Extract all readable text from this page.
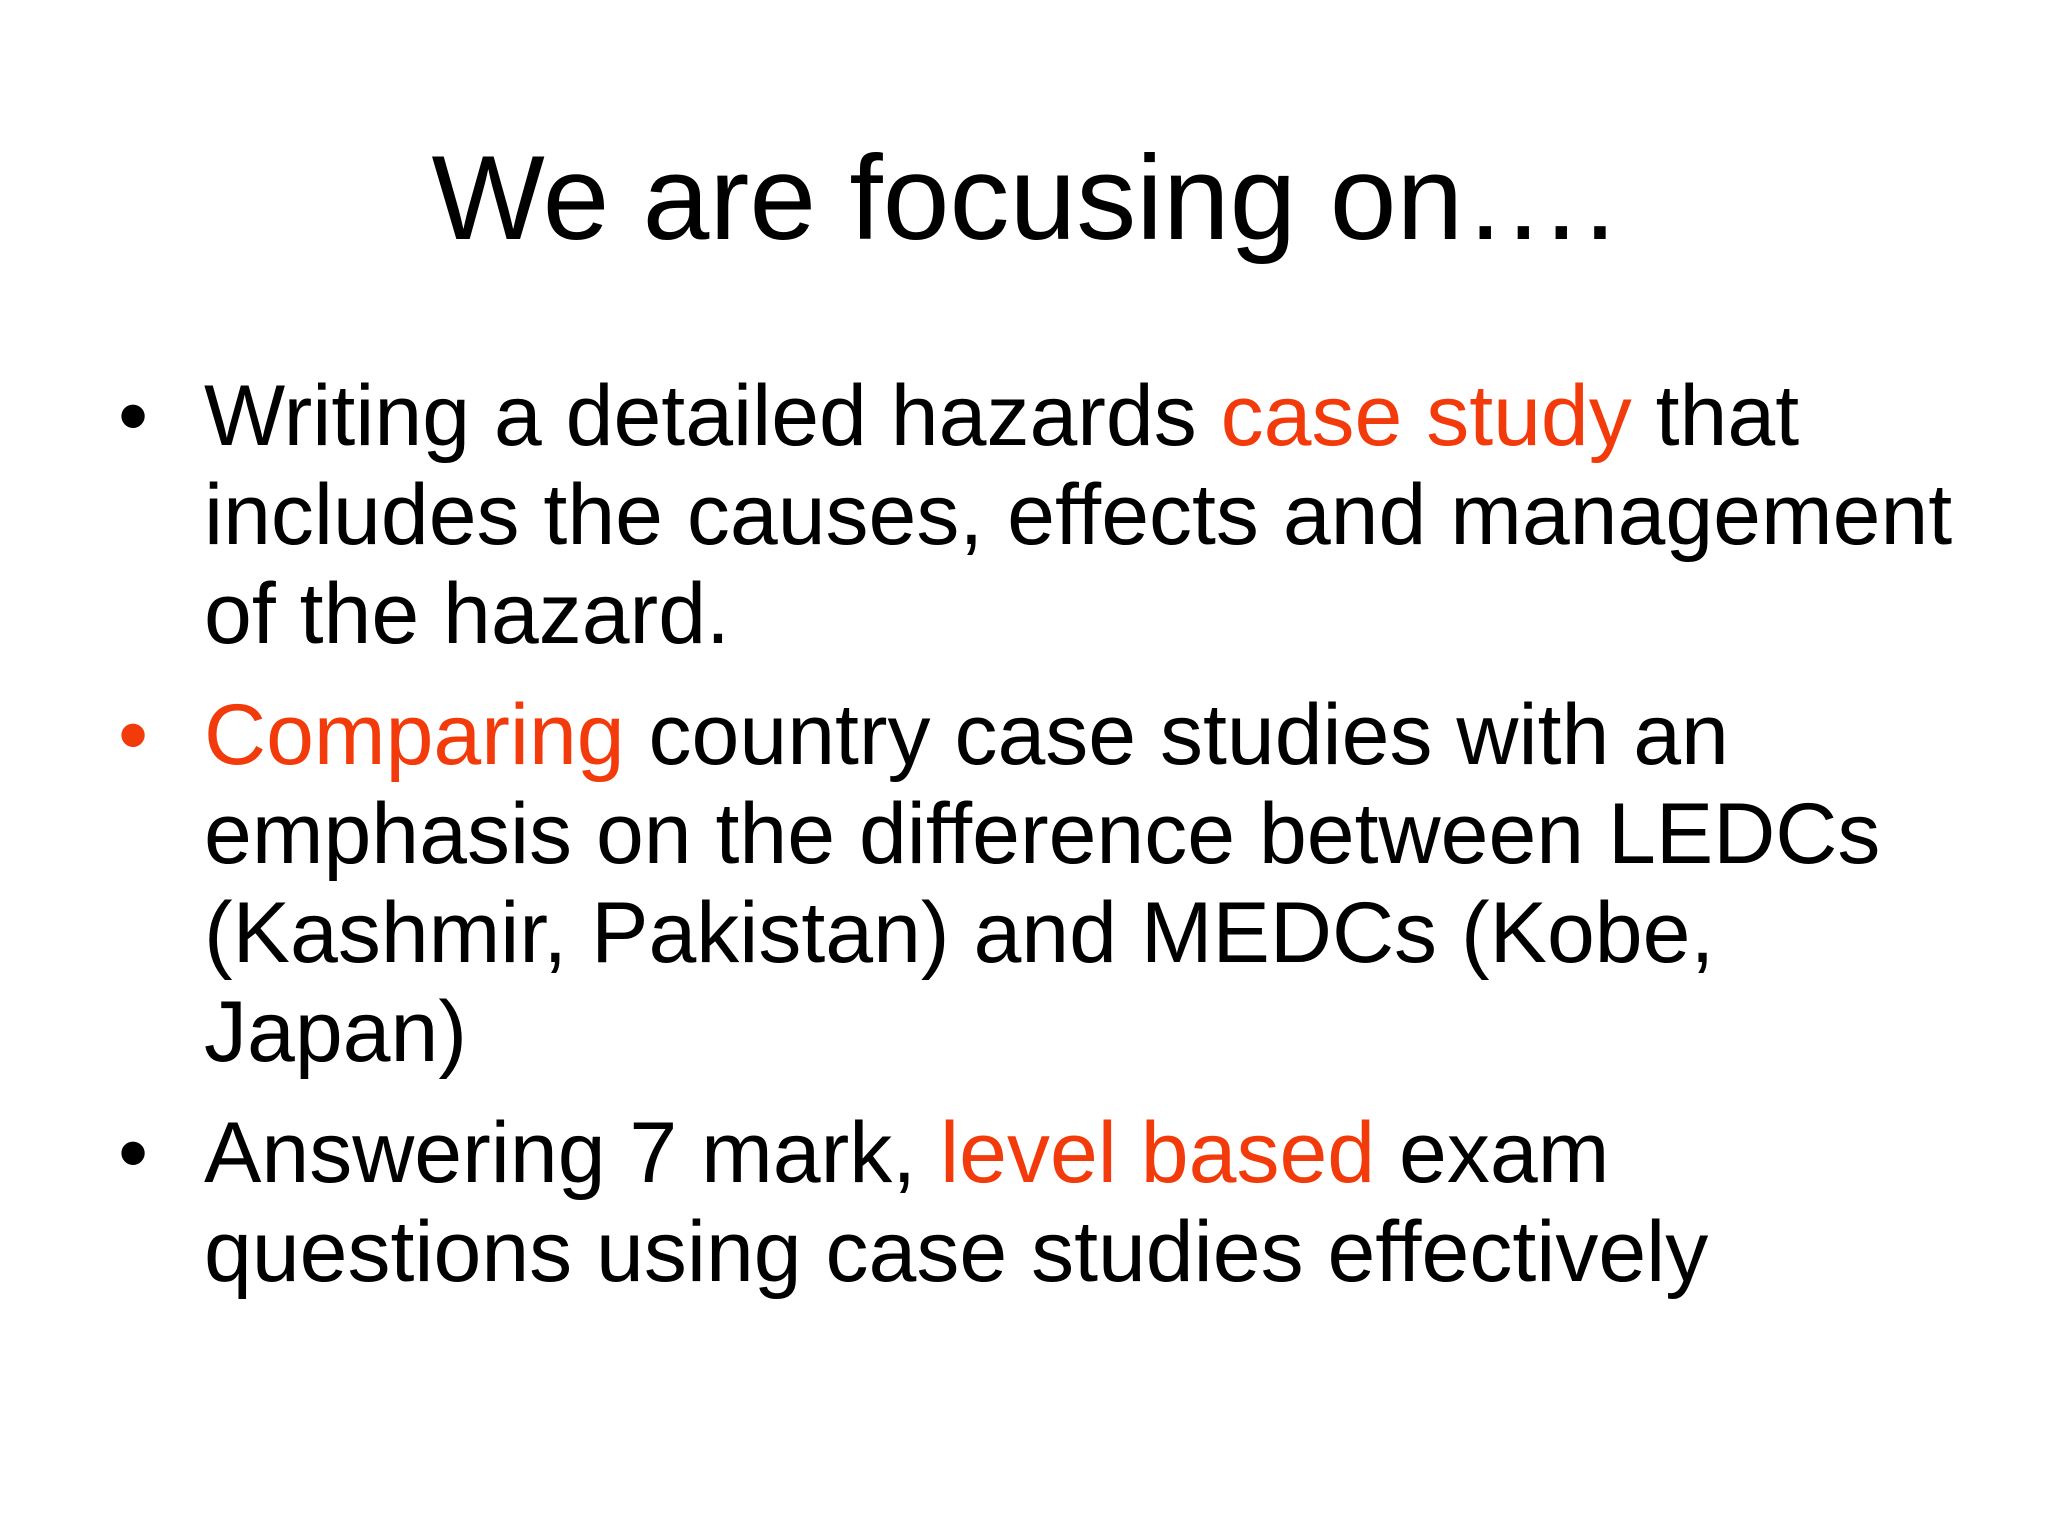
We are focusing on….
• Writing a detailed hazards case study that includes the causes, effects and management of the hazard.
• Comparing country case studies with an emphasis on the difference between LEDCs (Kashmir, Pakistan) and MEDCs (Kobe, Japan)
• Answering 7 mark, level based exam questions using case studies effectively
